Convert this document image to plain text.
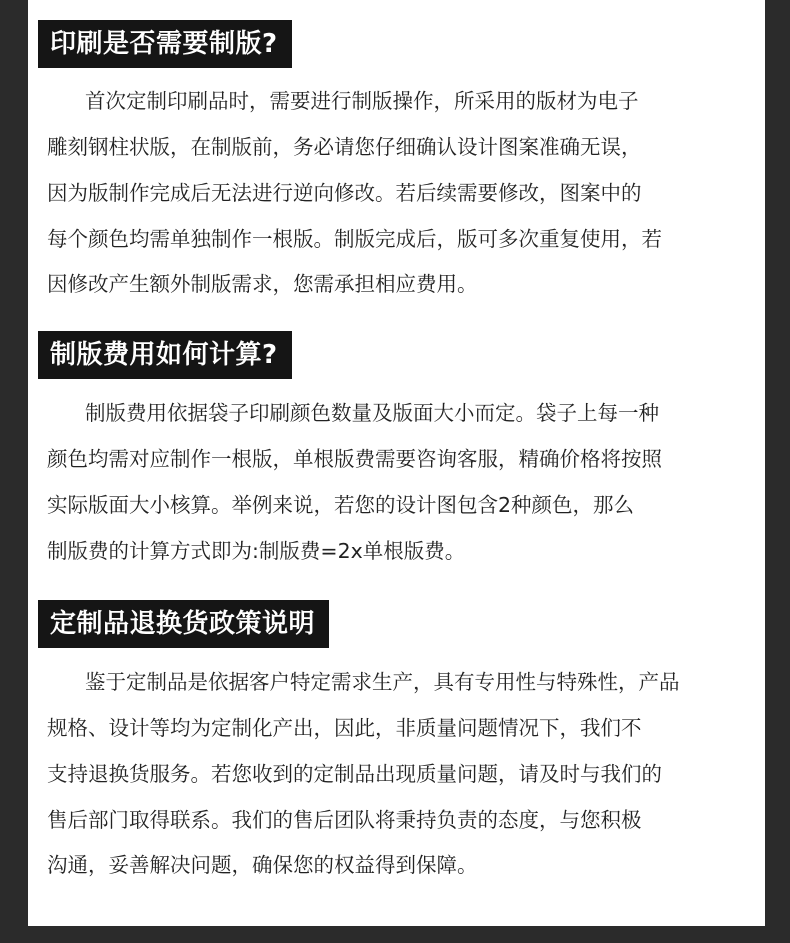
印刷是否需要制版?
首次定制印刷品时，需要进行制版操作，所采用的版材为电子
雕刻钢柱状版，在制版前，务必请您仔细确认设计图案准确无误，
因为版制作完成后无法进行逆向修改。若后续需要修改，图案中的
每个颜色均需单独制作一根版。制版完成后，版可多次重复使用，若
因修改产生额外制版需求，您需承担相应费用。
制版费用如何计算?
制版费用依据袋子印刷颜色数量及版面大小而定。袋子上每一种
颜色均需对应制作一根版，单根版费需要咨询客服，精确价格将按照
实际版面大小核算。举例来说，若您的设计图包含2种颜色，那么
制版费的计算方式即为:制版费=2x单根版费。
定制品退换货政策说明
鉴于定制品是依据客户特定需求生产，具有专用性与特殊性，产品
规格、设计等均为定制化产出，因此，非质量问题情况下，我们不
支持退换货服务。若您收到的定制品出现质量问题，请及时与我们的
售后部门取得联系。我们的售后团队将秉持负责的态度，与您积极
沟通，妥善解决问题，确保您的权益得到保障。
